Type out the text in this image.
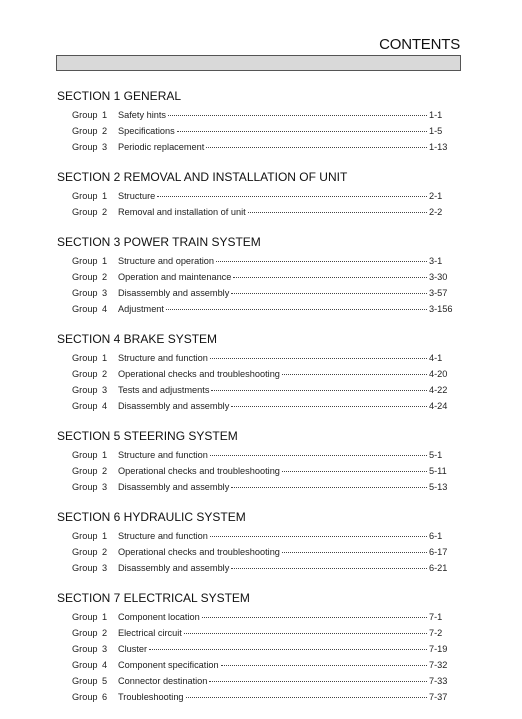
CONTENTS
SECTION 1 GENERAL
Group 1	Safety hints	1-1
Group 2	Specifications	1-5
Group 3	Periodic replacement	1-13
SECTION 2 REMOVAL AND INSTALLATION OF UNIT
Group 1	Structure	2-1
Group 2	Removal and installation of unit	2-2
SECTION 3 POWER TRAIN SYSTEM
Group 1	Structure and operation	3-1
Group 2	Operation and maintenance	3-30
Group 3	Disassembly and assembly	3-57
Group 4	Adjustment	3-156
SECTION 4 BRAKE SYSTEM
Group 1	Structure and function	4-1
Group 2	Operational checks and troubleshooting	4-20
Group 3	Tests and adjustments	4-22
Group 4	Disassembly and assembly	4-24
SECTION 5 STEERING SYSTEM
Group 1	Structure and function	5-1
Group 2	Operational checks and troubleshooting	5-11
Group 3	Disassembly and assembly	5-13
SECTION 6 HYDRAULIC SYSTEM
Group 1	Structure and function	6-1
Group 2	Operational checks and troubleshooting	6-17
Group 3	Disassembly and assembly	6-21
SECTION 7 ELECTRICAL SYSTEM
Group 1	Component location	7-1
Group 2	Electrical circuit	7-2
Group 3	Cluster	7-19
Group 4	Component specification	7-32
Group 5	Connector destination	7-33
Group 6	Troubleshooting	7-37
